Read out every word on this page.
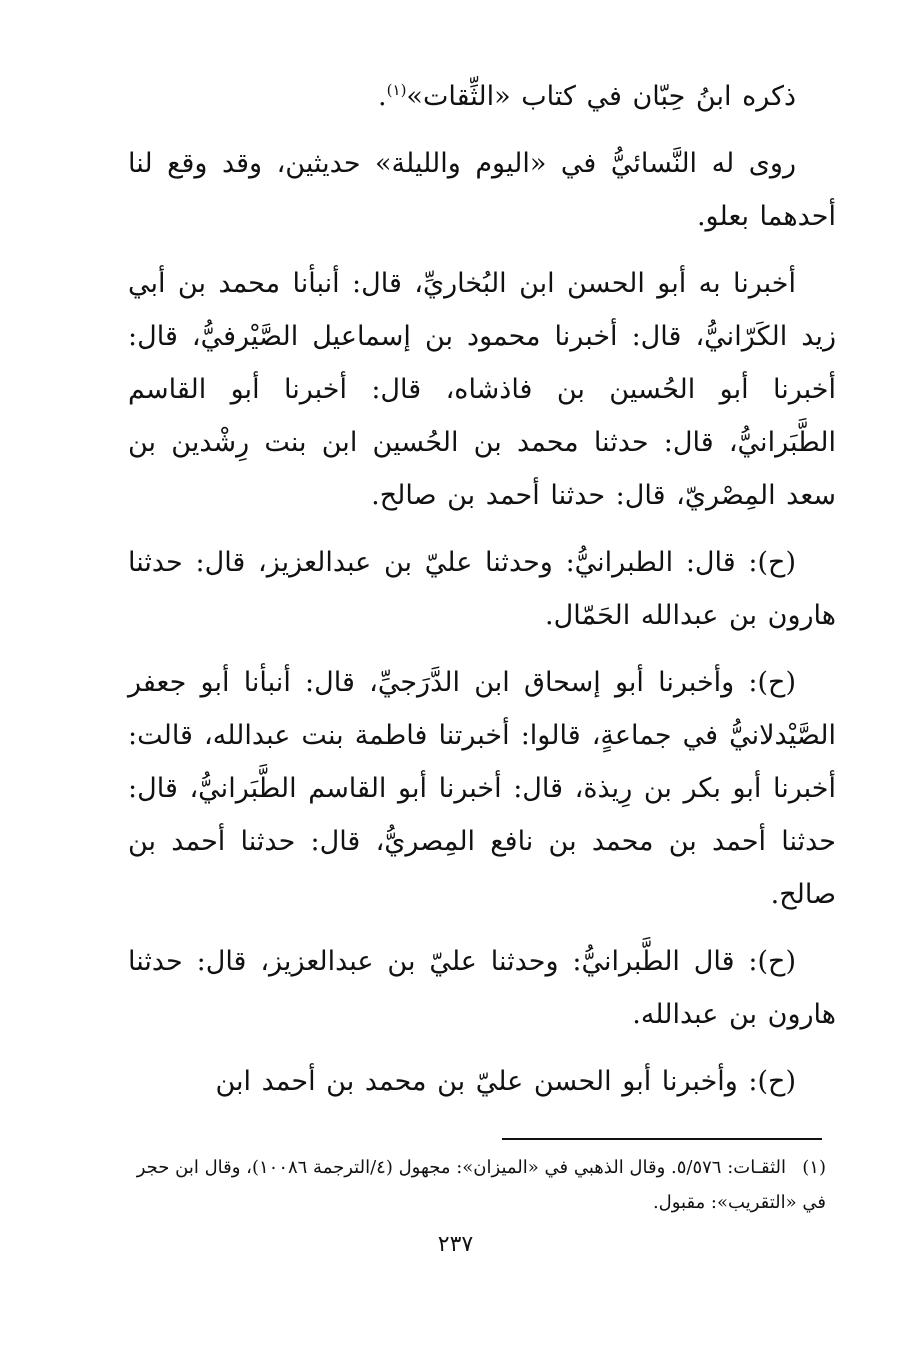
ذكره ابنُ حِبّان في كتاب «الثِّقات»$^{(١)}$.

روى له النَّسائيُّ في «اليوم والليلة» حديثين، وقد وقع لنا أحدهما بعلو.

أخبرنا به أبو الحسن ابن البُخاريِّ، قال: أنبأنا محمد بن أبي زيد الكَرّانيُّ، قال: أخبرنا محمود بن إسماعيل الصَّيْرفيُّ، قال: أخبرنا أبو الحُسين بن فاذشاه، قال: أخبرنا أبو القاسم الطَّبَرانيُّ، قال: حدثنا محمد بن الحُسين ابن بنت رِشْدين بن سعد المِصْريّ، قال: حدثنا أحمد بن صالح.

(ح): قال: الطبرانيُّ: وحدثنا عليّ بن عبدالعزيز، قال: حدثنا هارون بن عبدالله الحَمّال.

(ح): وأخبرنا أبو إسحاق ابن الدَّرَجيِّ، قال: أنبأنا أبو جعفر الصَّيْدلانيُّ في جماعةٍ، قالوا: أخبرتنا فاطمة بنت عبدالله، قالت: أخبرنا أبو بكر بن رِيذة، قال: أخبرنا أبو القاسم الطَّبَرانيُّ، قال: حدثنا أحمد بن محمد بن نافع المِصريُّ، قال: حدثنا أحمد بن صالح.

(ح): قال الطَّبرانيُّ: وحدثنا عليّ بن عبدالعزيز، قال: حدثنا هارون بن عبدالله.

(ح): وأخبرنا أبو الحسن عليّ بن محمد بن أحمد ابن

(١)الثقـات: ٥/٥٧٦. وقال الذهبي في «الميزان»: مجهول (٤/الترجمة ١٠٠٨٦)، وقال ابن حجر في «التقريب»: مقبول.
٢٣٧
